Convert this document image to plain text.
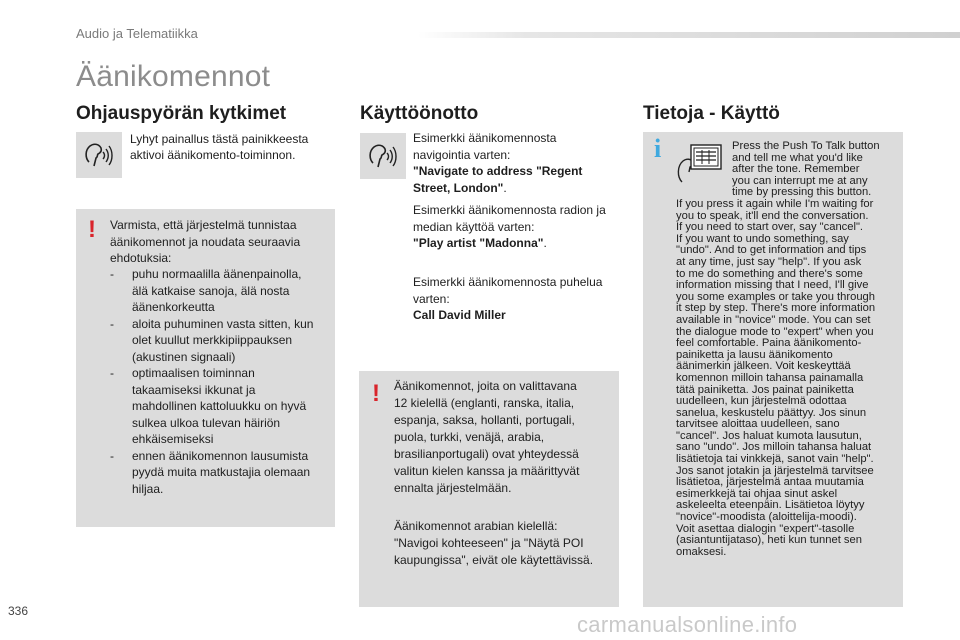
Audio ja Telematiikka
Äänikomennot
Ohjauspyörän kytkimet
Lyhyt painallus tästä painikkeesta
aktivoi äänikomento-toiminnon.
! Varmista, että järjestelmä tunnistaa
äänikomennot ja noudata seuraavia
ehdotuksia:
- puhu normaalilla äänenpainolla,
älä katkaise sanoja, älä nosta
äänenkorkeutta
- aloita puhuminen vasta sitten, kun
olet kuullut merkkipiippauksen
(akustinen signaali)
- optimaalisen toiminnan
takaamiseksi ikkunat ja
mahdollinen kattoluukku on hyvä
sulkea ulkoa tulevan häiriön
ehkäisemiseksi
- ennen äänikomennon lausumista
pyydä muita matkustajia olemaan
hiljaa.
Käyttöönotto
Esimerkki äänikomennosta
navigointia varten:
"Navigate to address "Regent
Street, London".
Esimerkki äänikomennosta radion ja
median käyttöä varten:
"Play artist "Madonna".
Esimerkki äänikomennosta puhelua
varten:
Call David Miller
! Äänikomennot, joita on valittavana
12 kielellä (englanti, ranska, italia,
espanja, saksa, hollanti, portugali,
puola, turkki, venäjä, arabia,
brasilianportugali) ovat yhteydessä
valitun kielen kanssa ja määrittyvät
ennalta järjestelmään.
Äänikomennot arabian kielellä:
"Navigoi kohteeseen" ja "Näytä POI
kaupungissa", eivät ole käytettävissä.
Tietoja - Käyttö
i	Press the Push To Talk button
and tell me what you'd like
after the tone. Remember
you can interrupt me at any
time by pressing this button.
If you press it again while I'm waiting for
you to speak, it'll end the conversation.
If you need to start over, say "cancel".
If you want to undo something, say
"undo". And to get information and tips
at any time, just say "help". If you ask
to me do something and there's some
information missing that I need, I'll give
you some examples or take you through
it step by step. There's more information
available in "novice" mode. You can set
the dialogue mode to "expert" when you
feel comfortable. Paina äänikomento-
painiketta ja lausu äänikomento
äänimerkin jälkeen. Voit keskeyttää
komennon milloin tahansa painamalla
tätä painiketta. Jos painat painiketta
uudelleen, kun järjestelmä odottaa
sanelua, keskustelu päättyy. Jos sinun
tarvitsee aloittaa uudelleen, sano
"cancel". Jos haluat kumota lausutun,
sano "undo". Jos milloin tahansa haluat
lisätietoja tai vinkkejä, sanot vain "help".
Jos sanot jotakin ja järjestelmä tarvitsee
lisätietoa, järjestelmä antaa muutamia
esimerkkejä tai ohjaa sinut askel
askeleelta eteenpäin. Lisätietoa löytyy
"novice"-moodista (aloittelija-moodi).
Voit asettaa dialogin "expert"-tasolle
(asiantuntijataso), heti kun tunnet sen
omaksesi.
336
carmanualsonline.info
